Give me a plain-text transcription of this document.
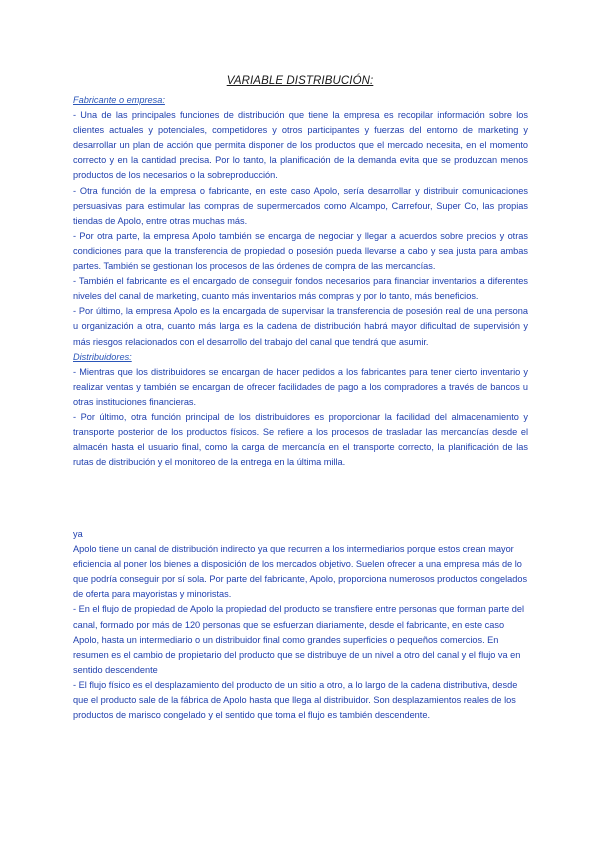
VARIABLE DISTRIBUCIÓN:
Fabricante o empresa:

- Una de las principales funciones de distribución que tiene la empresa es recopilar información sobre los clientes actuales y potenciales, competidores y otros participantes y fuerzas del entorno de marketing y desarrollar un plan de acción que permita disponer de los productos que el mercado necesita, en el momento correcto y en la cantidad precisa. Por lo tanto, la planificación de la demanda evita que se produzcan menos productos de los necesarios o la sobreproducción.

- Otra función de la empresa o fabricante, en este caso Apolo, sería desarrollar y distribuir comunicaciones persuasivas para estimular las compras de supermercados como Alcampo, Carrefour, Super Co, las propias tiendas de Apolo, entre otras muchas más.

- Por otra parte, la empresa Apolo también se encarga de negociar y llegar a acuerdos sobre precios y otras condiciones para que la transferencia de propiedad o posesión pueda llevarse a cabo y sea justa para ambas partes. También se gestionan los procesos de las órdenes de compra de las mercancías.

- También el fabricante es el encargado de conseguir fondos necesarios para financiar inventarios a diferentes niveles del canal de marketing, cuanto más inventarios más compras y por lo tanto, más beneficios.

- Por último, la empresa Apolo es la encargada de supervisar la transferencia de posesión real de una persona u organización a otra, cuanto más larga es la cadena de distribución habrá mayor dificultad de supervisión y más riesgos relacionados con el desarrollo del trabajo del canal que tendrá que asumir.

Distribuidores:

- Mientras que los distribuidores se encargan de hacer pedidos a los fabricantes para tener cierto inventario y realizar ventas y también se encargan de ofrecer facilidades de pago a los compradores a través de bancos u otras instituciones financieras.

- Por último, otra función principal de los distribuidores es proporcionar la facilidad del almacenamiento y transporte posterior de los productos físicos. Se refiere a los procesos de trasladar las mercancías desde el almacén hasta el usuario final, como la carga de mercancía en el transporte correcto, la planificación de las rutas de distribución y el monitoreo de la entrega en la última milla.

ya

Apolo tiene un canal de distribución indirecto ya que recurren a los intermediarios porque estos crean mayor eficiencia al poner los bienes a disposición de los mercados objetivo. Suelen ofrecer a una empresa más de lo que podría conseguir por sí sola. Por parte del fabricante, Apolo, proporciona numerosos productos congelados de oferta para mayoristas y minoristas.

- En el flujo de propiedad de Apolo la propiedad del producto se transfiere entre personas que forman parte del canal, formado por más de 120 personas que se esfuerzan diariamente, desde el fabricante, en este caso Apolo, hasta un intermediario o un distribuidor final como grandes superficies o pequeños comercios. En resumen es el cambio de propietario del producto que se distribuye de un nivel a otro del canal y el flujo va en sentido descendente

- El flujo físico es el desplazamiento del producto de un sitio a otro, a lo largo de la cadena distributiva, desde que el producto sale de la fábrica de Apolo hasta que llega al distribuidor. Son desplazamientos reales de los productos de marisco congelado y el sentido que toma el flujo es también descendente.
